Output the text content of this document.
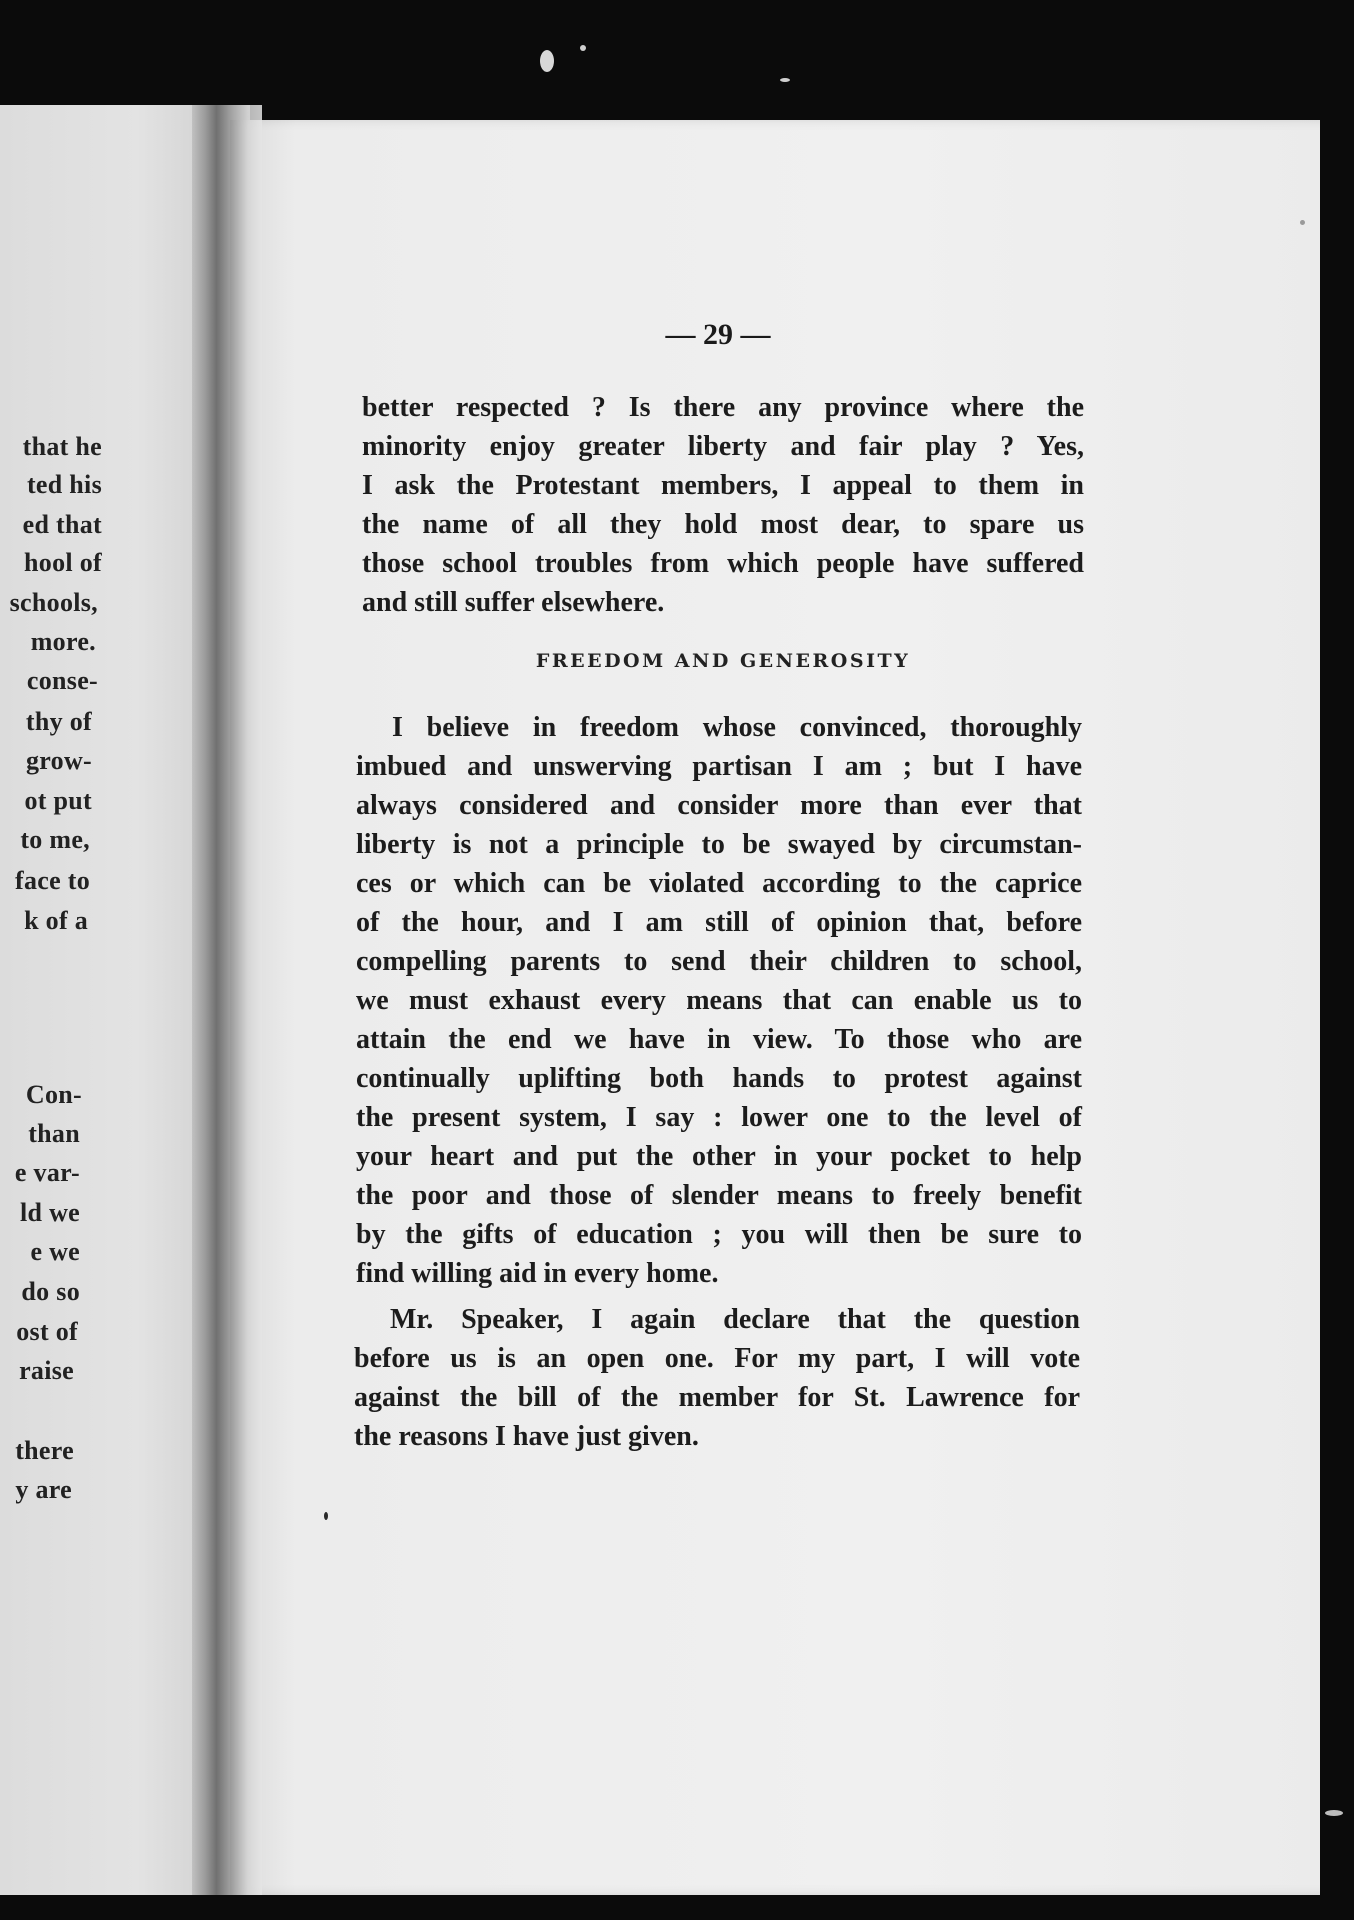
that he
ted his
ed that
hool of
schools,
more.
conse-
thy of
grow-
ot put
to me,
face to
k of a
Con-
than
e var-
ld we
e we
do so
ost of
raise
there
y are
— 29 —
better respected ? Is there any province where the
minority enjoy greater liberty and fair play ? Yes,
I ask the Protestant members, I appeal to them in
the name of all they hold most dear, to spare us
those school troubles from which people have suffered
and still suffer elsewhere.
FREEDOM AND GENEROSITY
I believe in freedom whose convinced, thoroughly
imbued and unswerving partisan I am ; but I have
always considered and consider more than ever that
liberty is not a principle to be swayed by circumstan-
ces or which can be violated according to the caprice
of the hour, and I am still of opinion that, before
compelling parents to send their children to school,
we must exhaust every means that can enable us to
attain the end we have in view. To those who are
continually uplifting both hands to protest against
the present system, I say : lower one to the level of
your heart and put the other in your pocket to help
the poor and those of slender means to freely benefit
by the gifts of education ; you will then be sure to
find willing aid in every home.
Mr. Speaker, I again declare that the question
before us is an open one. For my part, I will vote
against the bill of the member for St. Lawrence for
the reasons I have just given.
